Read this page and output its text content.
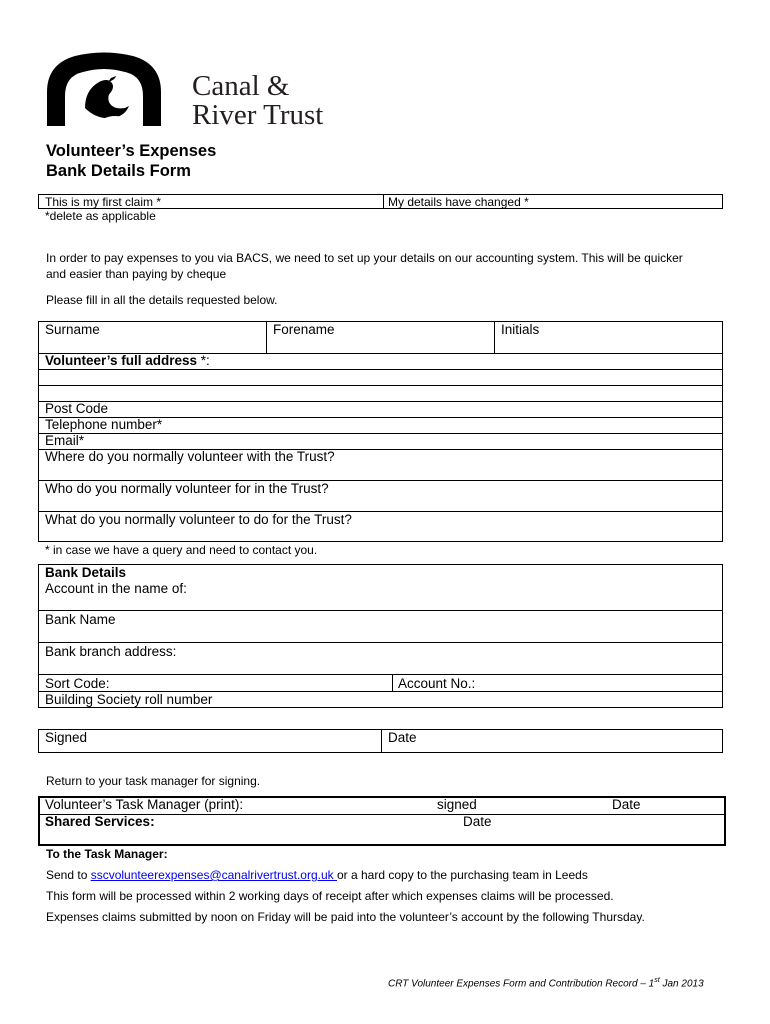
Canal &
River Trust
Volunteer’s Expenses
Bank Details Form
This is my first claim *	My details have changed *
*delete as applicable
In order to pay expenses to you via BACS, we need to set up your details on our accounting system. This will be quicker and easier than paying by cheque
Please fill in all the details requested below.
Surname	Forename	Initials
Volunteer’s full address *:
Post Code
Telephone number*
Email*
Where do you normally volunteer with the Trust?
Who do you normally volunteer for in the Trust?
What do you normally volunteer to do for the Trust?
* in case we have a query and need to contact you.
Bank Details
Account in the name of:
Bank Name
Bank branch address:
Sort Code:	Account No.:
Building Society roll number
Signed	Date
Return to your task manager for signing.
Volunteer’s Task Manager (print):	signed	Date
Shared Services:	Date
To the Task Manager:
Send to sscvolunteerexpenses@canalrivertrust.org.uk or a hard copy to the purchasing team in Leeds
This form will be processed within 2 working days of receipt after which expenses claims will be processed.
Expenses claims submitted by noon on Friday will be paid into the volunteer’s account by the following Thursday.
CRT Volunteer Expenses Form and Contribution Record – 1st Jan 2013
